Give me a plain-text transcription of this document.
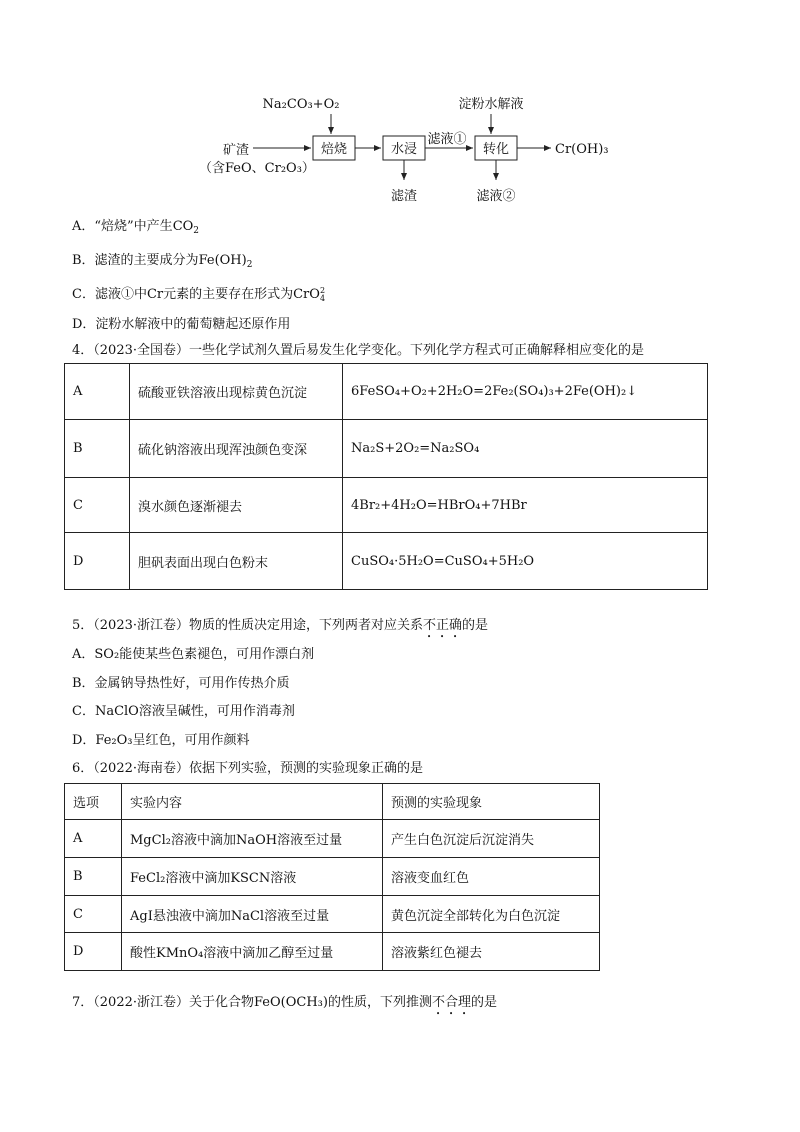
Na₂CO₃+O₂	淀粉水解液
矿渣
（含FeO、Cr₂O₃）
焙烧	水浸
滤渣
滤液①
转化
滤液②
Cr(OH)₃
A．“焙烧”中产生$CO_2$
B．滤渣的主要成分为$Fe(OH)_2$
C．滤液①中Cr元素的主要存在形式为CrO 2
4
D．淀粉水解液中的葡萄糖起还原作用
4．（2023·全国卷）一些化学试剂久置后易发生化学变化。下列化学方程式可正确解释相应变化的是
A	硫酸亚铁溶液出现棕黄色沉淀	6FeSO₄+O₂+2H₂O=2Fe₂(SO₄)₃+2Fe(OH)₂↓
B	硫化钠溶液出现浑浊颜色变深	Na₂S+2O₂=Na₂SO₄
C	溴水颜色逐渐褪去	4Br₂+4H₂O=HBrO₄+7HBr
D	胆矾表面出现白色粉末	CuSO₄·5H₂O=CuSO₄+5H₂O
5．（2023·浙江卷）物质的性质决定用途，下列两者对应关系不正确的是
A．SO₂能使某些色素褪色，可用作漂白剂
B．金属钠导热性好，可用作传热介质
C．NaClO溶液呈碱性，可用作消毒剂
D．Fe₂O₃呈红色，可用作颜料
6．（2022·海南卷）依据下列实验，预测的实验现象正确的是
选项	实验内容	预测的实验现象
A	MgCl₂溶液中滴加NaOH溶液至过量	产生白色沉淀后沉淀消失
B	FeCl₂溶液中滴加KSCN溶液	溶液变血红色
C	AgI悬浊液中滴加NaCl溶液至过量	黄色沉淀全部转化为白色沉淀
D	酸性KMnO₄溶液中滴加乙醇至过量	溶液紫红色褪去
7．（2022·浙江卷）关于化合物FeO(OCH₃)的性质，下列推测不合理的是
